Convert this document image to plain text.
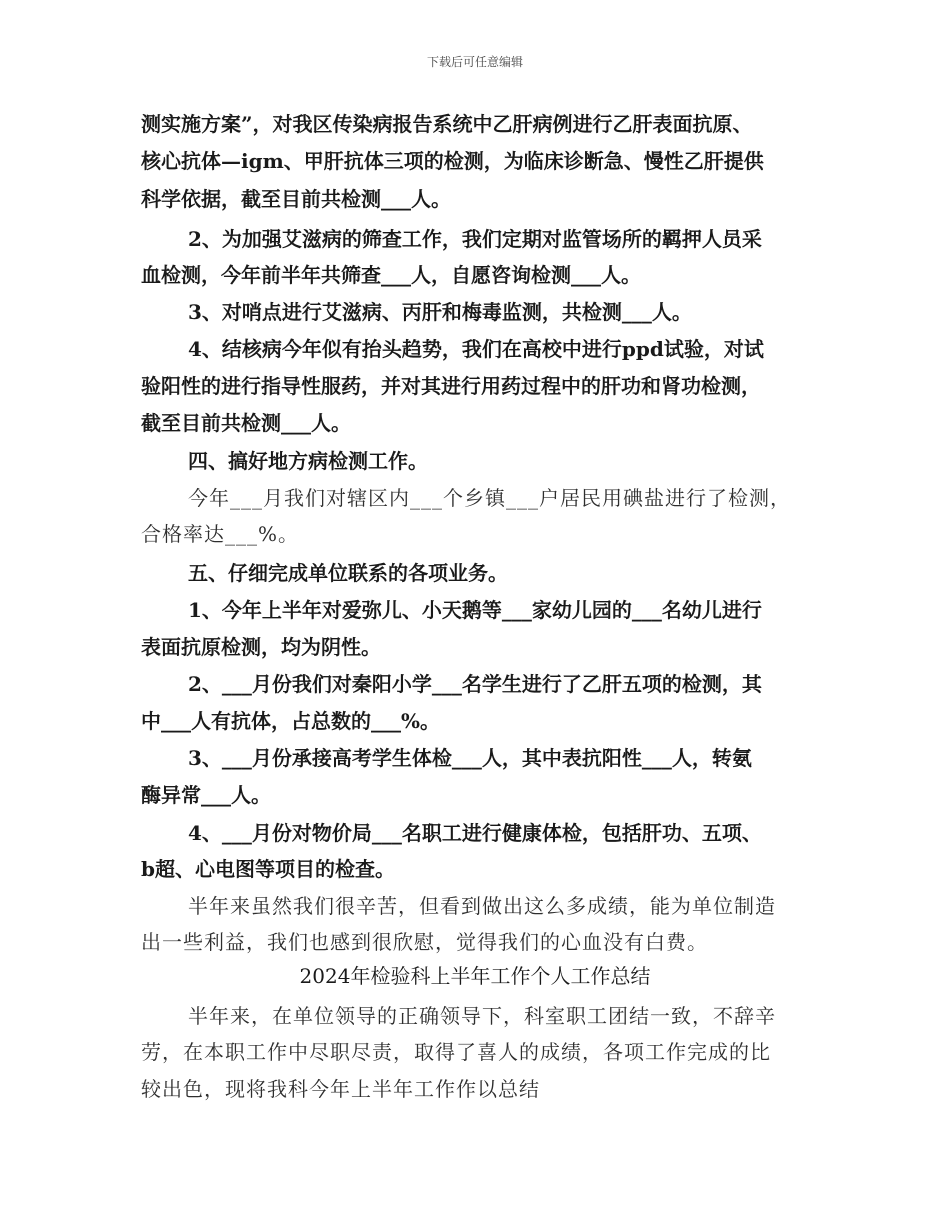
下载后可任意编辑
测实施方案”，对我区传染病报告系统中乙肝病例进行乙肝表面抗原、
核心抗体—igm、甲肝抗体三项的检测，为临床诊断急、慢性乙肝提供
科学依据，截至目前共检测___人。
2、为加强艾滋病的筛查工作，我们定期对监管场所的羁押人员采
血检测，今年前半年共筛查___人，自愿咨询检测___人。
3、对哨点进行艾滋病、丙肝和梅毒监测，共检测___人。
4、结核病今年似有抬头趋势，我们在高校中进行ppd试验，对试
验阳性的进行指导性服药，并对其进行用药过程中的肝功和肾功检测，
截至目前共检测___人。
四、搞好地方病检测工作。
今年___月我们对辖区内___个乡镇___户居民用碘盐进行了检测，
合格率达___%。
五、仔细完成单位联系的各项业务。
1、今年上半年对爱弥儿、小天鹅等___家幼儿园的___名幼儿进行
表面抗原检测，均为阴性。
2、___月份我们对秦阳小学___名学生进行了乙肝五项的检测，其
中___人有抗体，占总数的___%。
3、___月份承接高考学生体检___人，其中表抗阳性___人，转氨
酶异常___人。
4、___月份对物价局___名职工进行健康体检，包括肝功、五项、
b超、心电图等项目的检查。
半年来虽然我们很辛苦，但看到做出这么多成绩，能为单位制造
出一些利益，我们也感到很欣慰，觉得我们的心血没有白费。
2024年检验科上半年工作个人工作总结
半年来，在单位领导的正确领导下，科室职工团结一致，不辞辛
劳，在本职工作中尽职尽责，取得了喜人的成绩，各项工作完成的比
较出色，现将我科今年上半年工作作以总结
